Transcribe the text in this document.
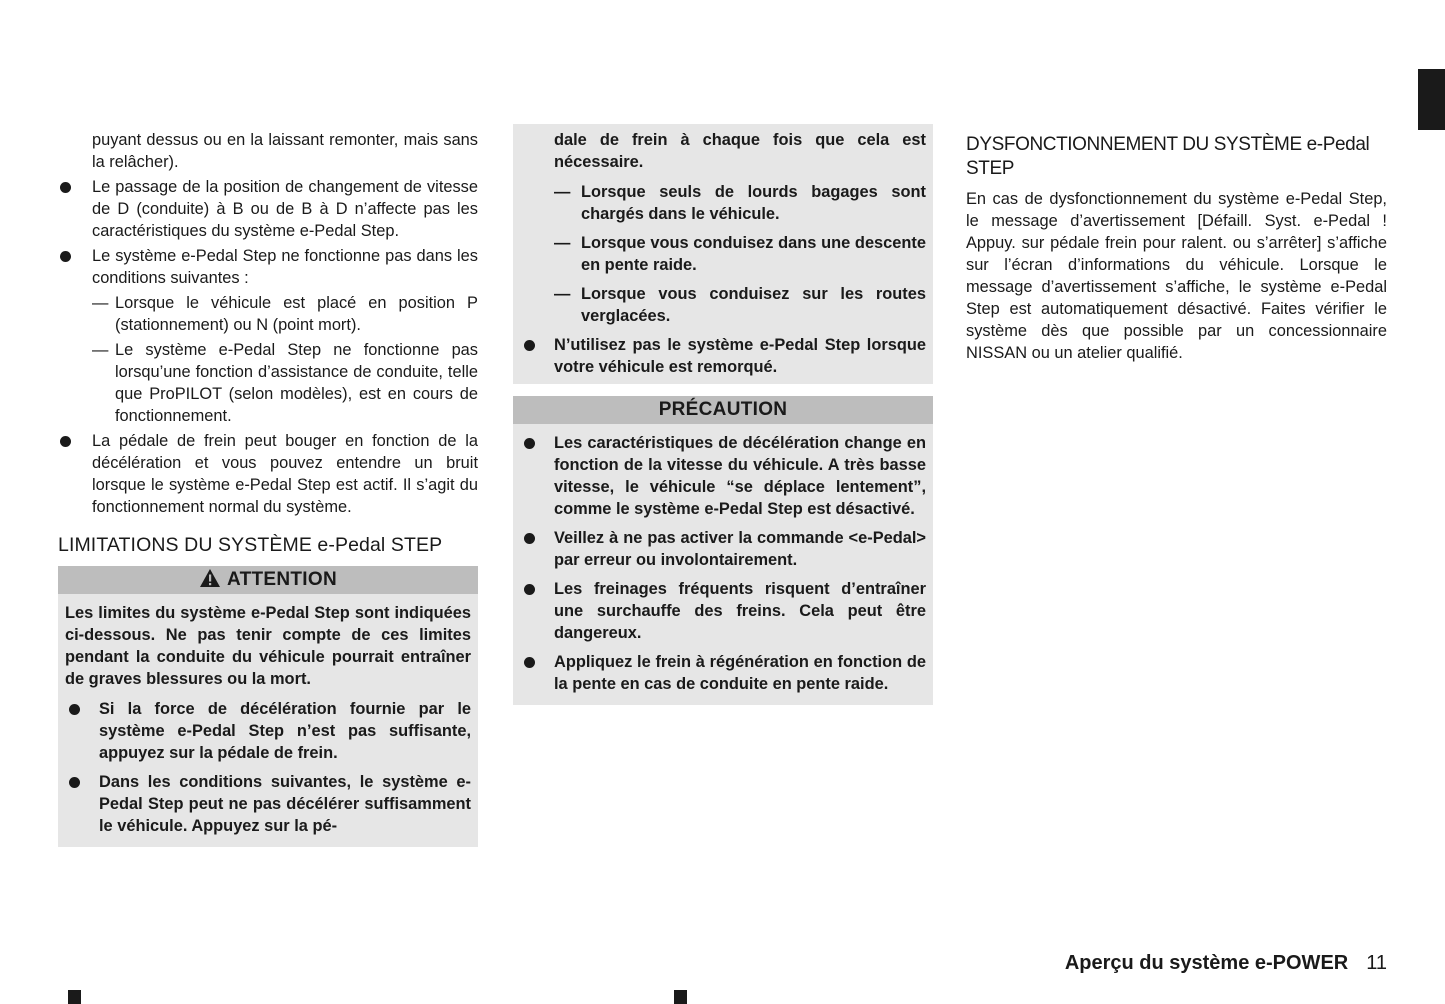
puyant dessus ou en la laissant remonter, mais sans la relâcher).

Le passage de la position de changement de vitesse de D (conduite) à B ou de B à D n’affecte pas les caractéristiques du système e-Pedal Step.

Le système e-Pedal Step ne fonctionne pas dans les conditions suivantes :

— Lorsque le véhicule est placé en position P (stationnement) ou N (point mort).

— Le système e-Pedal Step ne fonctionne pas lorsqu’une fonction d’assistance de conduite, telle que ProPILOT (selon modèles), est en cours de fonctionnement.

La pédale de frein peut bouger en fonction de la décélération et vous pouvez entendre un bruit lorsque le système e-Pedal Step est actif. Il s’agit du fonctionnement normal du système.

LIMITATIONS DU SYSTÈME e-Pedal STEP
ATTENTION

Les limites du système e-Pedal Step sont indiquées ci-dessous. Ne pas tenir compte de ces limites pendant la conduite du véhicule pourrait entraîner de graves blessures ou la mort.

Si la force de décélération fournie par le système e-Pedal Step n’est pas suffisante, appuyez sur la pédale de frein.

Dans les conditions suivantes, le système e-Pedal Step peut ne pas décélérer suffisamment le véhicule. Appuyez sur la pé-

dale de frein à chaque fois que cela est nécessaire.

— Lorsque seuls de lourds bagages sont chargés dans le véhicule.

— Lorsque vous conduisez dans une descente en pente raide.

— Lorsque vous conduisez sur les routes verglacées.

N’utilisez pas le système e-Pedal Step lorsque votre véhicule est remorqué.

PRÉCAUTION

Les caractéristiques de décélération change en fonction de la vitesse du véhicule. A très basse vitesse, le véhicule “se déplace lentement”, comme le système e-Pedal Step est désactivé.

Veillez à ne pas activer la commande <e-Pedal> par erreur ou involontairement.

Les freinages fréquents risquent d’entraîner une surchauffe des freins. Cela peut être dangereux.

Appliquez le frein à régénération en fonction de la pente en cas de conduite en pente raide.

DYSFONCTIONNEMENT DU SYSTÈME e-Pedal STEP

En cas de dysfonctionnement du système e-Pedal Step, le message d’avertissement [Défaill. Syst. e-Pedal ! Appuy. sur pédale frein pour ralent. ou s’arrêter] s’affiche sur l’écran d’informations du véhicule. Lorsque le message d’avertissement s’affiche, le système e-Pedal Step est automatiquement désactivé. Faites vérifier le système dès que possible par un concessionnaire NISSAN ou un atelier qualifié.

Aperçu du système e-POWER 11
